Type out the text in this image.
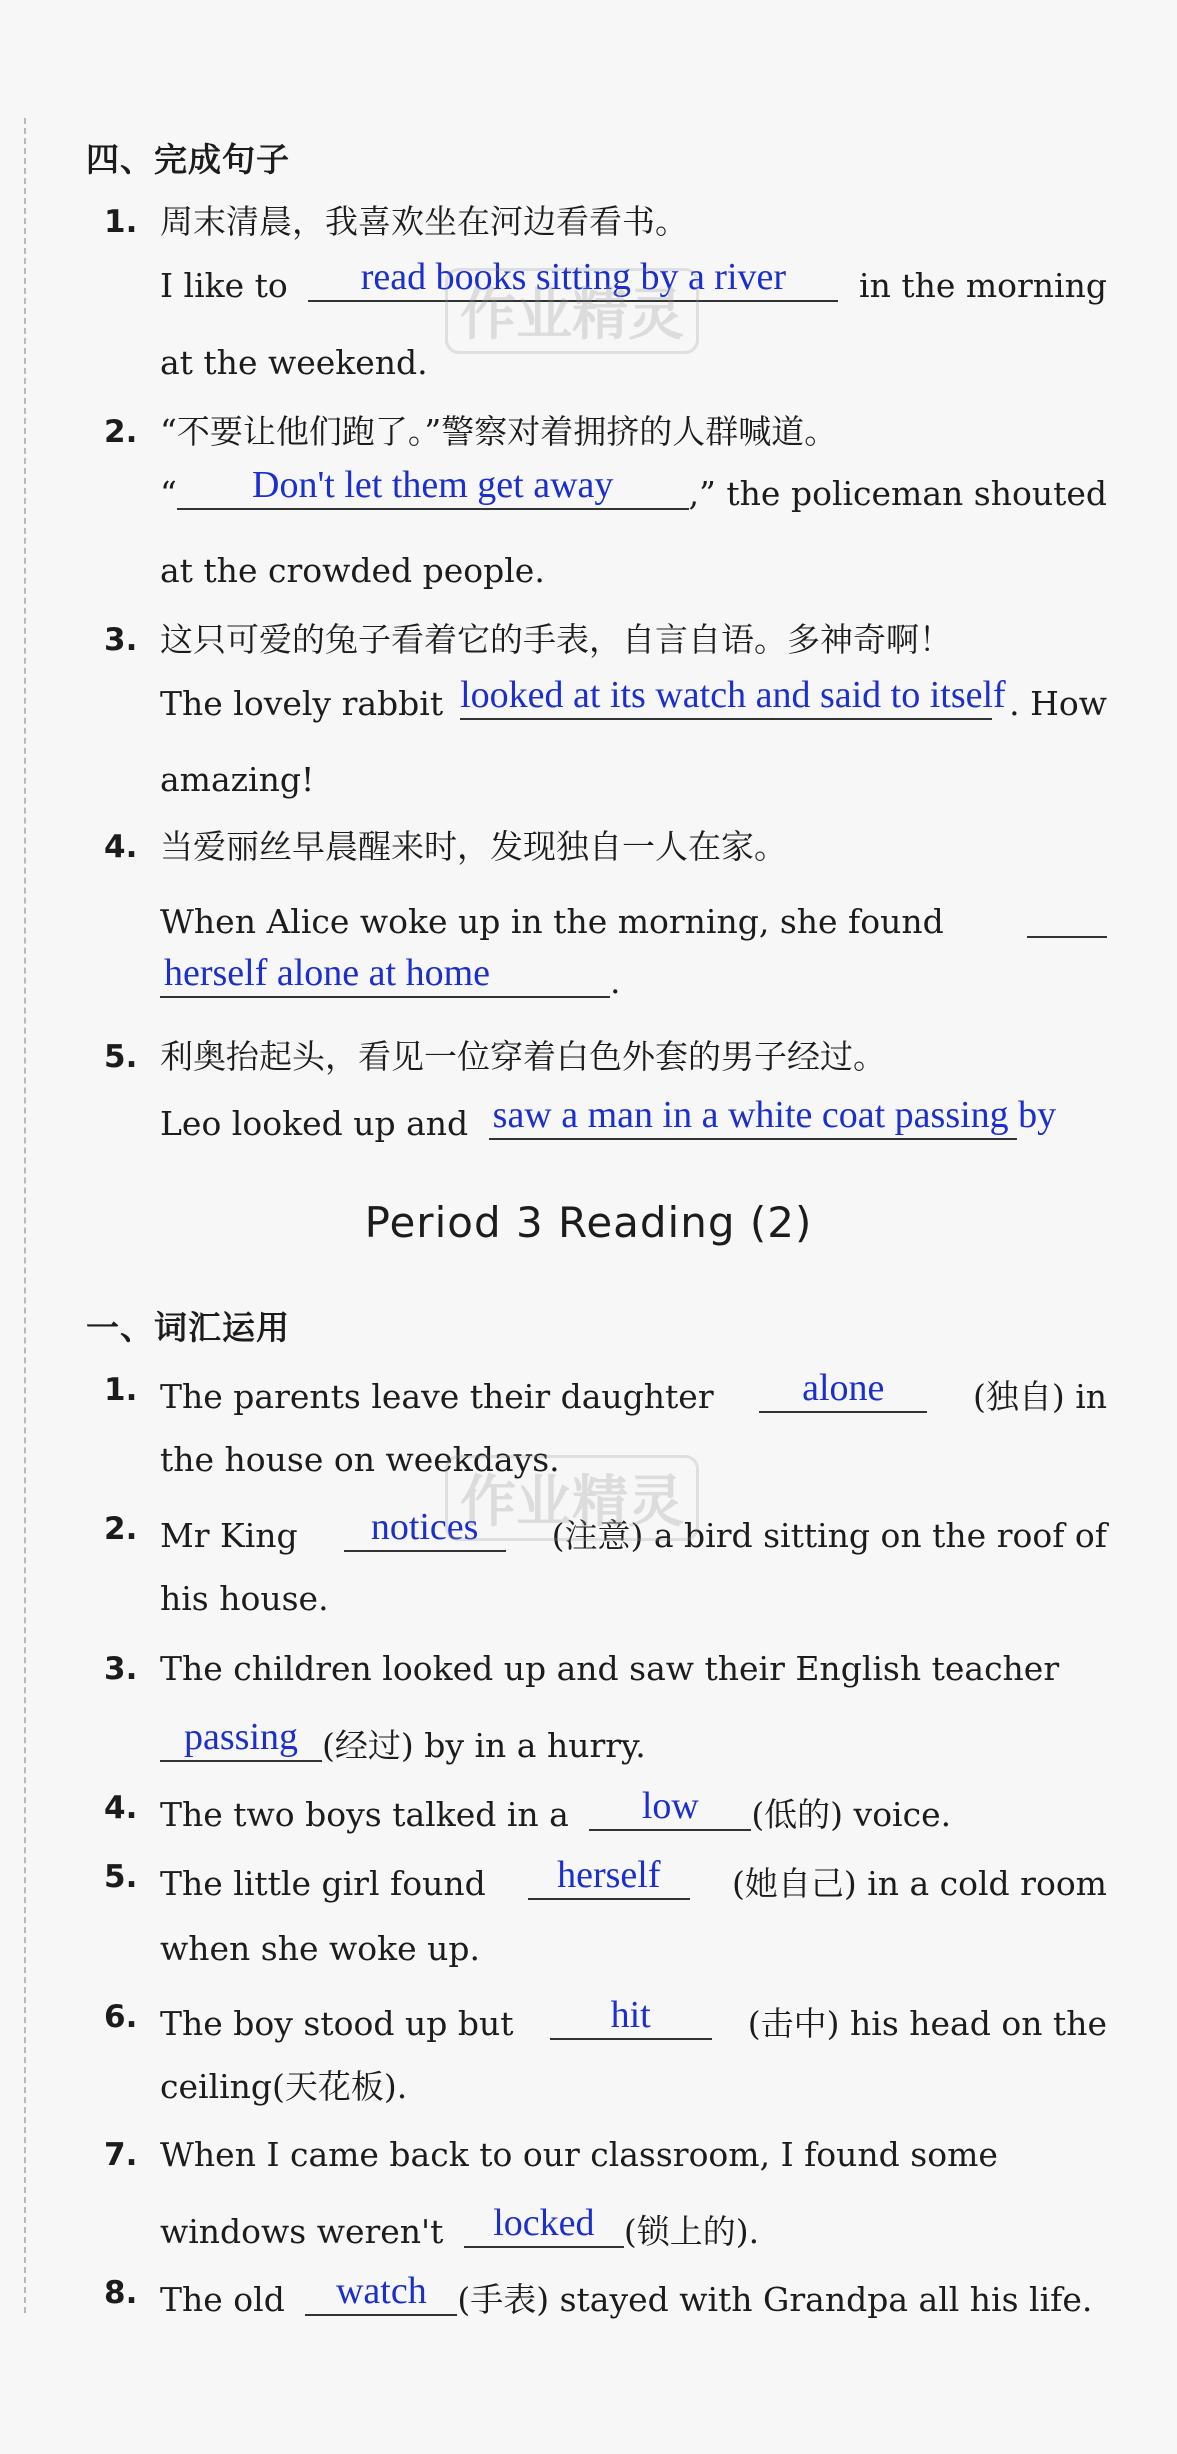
四、完成句子
1. 周末清晨，我喜欢坐在河边看看书。
I like to	read books sitting by a river	in the morning
at the weekend.
2. “不要让他们跑了。”警察对着拥挤的人群喊道。
“	Don't let them get away	,” the policeman shouted
at the crowded people.
3. 这只可爱的兔子看着它的手表，自言自语。多神奇啊！
The lovely rabbit looked at its watch and said to itself . How
amazing!
4. 当爱丽丝早晨醒来时，发现独自一人在家。
When Alice woke up in the morning, she found
herself alone at home	.
5. 利奥抬起头，看见一位穿着白色外套的男子经过。
Leo looked up and saw a man in a white coat passing by
Period 3 Reading (2)
一、词汇运用
1. The parents leave their daughter	alone	(独自) in
the house on weekdays.
2. Mr King	notices	(注意) a bird sitting on the roof of
his house.
3. The children looked up and saw their English teacher
passing (经过) by in a hurry.
4. The two boys talked in a	low	(低的) voice.
5. The little girl found	herself	(她自己) in a cold room
when she woke up.
6. The boy stood up but	hit	(击中) his head on the
ceiling(天花板).
7. When I came back to our classroom, I found some
windows weren't	locked (锁上的).
8. The old	watch (手表) stayed with Grandpa all his life.
作业精灵
作业精灵
